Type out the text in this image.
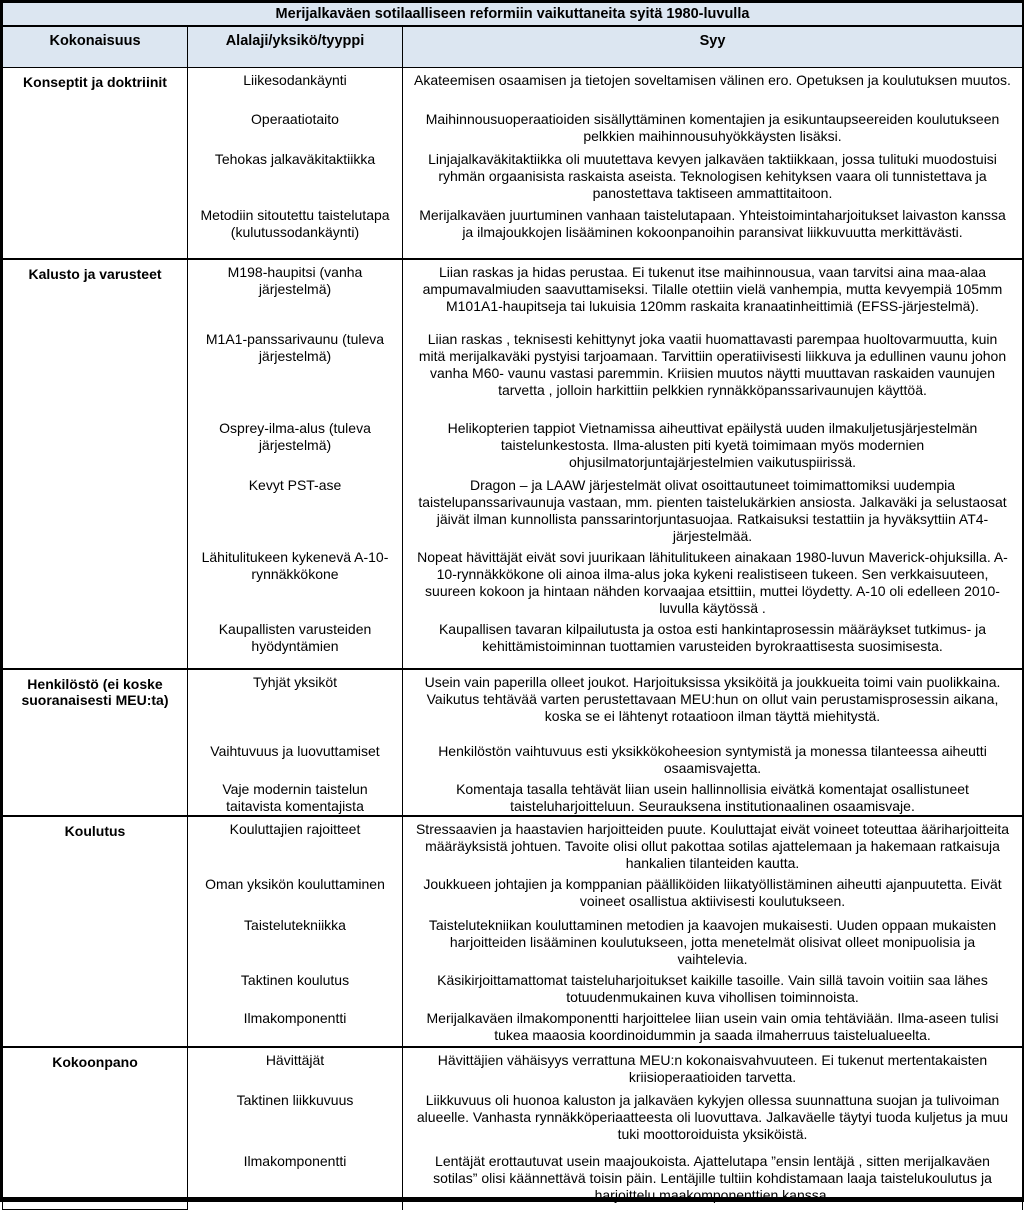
Merijalkaväen sotilaalliseen reformiin vaikuttaneita syitä 1980-luvulla		
Kokonaisuus	Alalaji/yksikö/tyyppi	Syy
Konseptit ja doktriinit	Liikesodankäynti	Akateemisen osaamisen ja tietojen soveltamisen välinen ero. Opetuksen ja koulutuksen muutos.
	Operaatiotaito	Maihinnousuoperaatioiden sisällyttäminen komentajien ja esikuntaupseereiden koulutukseen pelkkien maihinnousuhyökkäysten lisäksi.
	Tehokas jalkaväkitaktiikka	Linjajalkaväkitaktiikka oli muutettava kevyen jalkaväen taktiikkaan, jossa tulituki muodostuisi ryhmän orgaanisista raskaista aseista. Teknologisen kehityksen vaara oli tunnistettava ja panostettava taktiseen ammattitaitoon.
	Metodiin sitoutettu taistelutapa (kulutussodankäynti)	Merijalkaväen juurtuminen vanhaan taistelutapaan. Yhteistoimintaharjoitukset laivaston kanssa ja ilmajoukkojen lisääminen kokoonpanoihin paransivat liikkuvuutta merkittävästi.
Kalusto ja varusteet	M198-haupitsi (vanha järjestelmä)	Liian raskas ja hidas perustaa. Ei tukenut itse maihinnousua, vaan tarvitsi aina maa-alaa ampumavalmiuden saavuttamiseksi. Tilalle otettiin vielä vanhempia, mutta kevyempiä 105mm M101A1-haupitseja tai lukuisia 120mm raskaita kranaatinheittimiä (EFSS-järjestelmä).
	M1A1-panssarivaunu (tuleva järjestelmä)	Liian raskas , teknisesti kehittynyt joka vaatii huomattavasti parempaa huoltovarmuutta, kuin mitä merijalkaväki pystyisi tarjoamaan. Tarvittiin operatiivisesti liikkuva ja edullinen vaunu johon vanha M60- vaunu vastasi paremmin. Kriisien muutos näytti muuttavan raskaiden vaunujen tarvetta , jolloin harkittiin pelkkien rynnäkköpanssarivaunujen käyttöä.
	Osprey-ilma-alus (tuleva järjestelmä)	Helikopterien tappiot Vietnamissa aiheuttivat epäilystä uuden ilmakuljetusjärjestelmän taistelunkestosta. Ilma-alusten piti kyetä toimimaan myös modernien ohjusilmatorjuntajärjestelmien vaikutuspiirissä.
	Kevyt PST-ase	Dragon – ja LAAW järjestelmät olivat osoittautuneet toimimattomiksi uudempia taistelupanssarivaunuja vastaan, mm. pienten taistelukärkien ansiosta. Jalkaväki ja selustaosat jäivät ilman kunnollista panssarintorjuntasuojaa. Ratkaisuksi testattiin ja hyväksyttiin AT4-järjestelmää.
	Lähitulitukeen kykenevä A-10-rynnäkkökone	Nopeat hävittäjät eivät sovi juurikaan lähitulitukeen ainakaan 1980-luvun Maverick-ohjuksilla. A-10-rynnäkkökone oli ainoa ilma-alus joka kykeni realistiseen tukeen. Sen verkkaisuuteen, suureen kokoon ja hintaan nähden korvaajaa etsittiin, muttei löydetty. A-10 oli edelleen 2010-luvulla käytössä .
	Kaupallisten varusteiden hyödyntämien	Kaupallisen tavaran kilpailutusta ja ostoa esti hankintaprosessin määräykset tutkimus- ja kehittämistoiminnan tuottamien varusteiden byrokraattisesta suosimisesta.
Henkilöstö (ei koske suoranaisesti MEU:ta)	Tyhjät yksiköt	Usein vain paperilla olleet joukot. Harjoituksissa yksiköitä ja joukkueita toimi vain puolikkaina. Vaikutus tehtävää varten perustettavaan MEU:hun on ollut vain perustamisprosessin aikana, koska se ei lähtenyt rotaatioon ilman täyttä miehitystä.
	Vaihtuvuus ja luovuttamiset	Henkilöstön vaihtuvuus esti yksikkökoheesion syntymistä ja monessa tilanteessa aiheutti osaamisvajetta.
	Vaje modernin taistelun taitavista komentajista	Komentaja tasalla tehtävät liian usein hallinnollisia eivätkä komentajat osallistuneet taisteluharjoitteluun. Seurauksena institutionaalinen osaamisvaje.
Koulutus	Kouluttajien rajoitteet	Stressaavien ja haastavien harjoitteiden puute. Kouluttajat eivät voineet toteuttaa ääriharjoitteita määräyksistä johtuen. Tavoite olisi ollut pakottaa sotilas ajattelemaan ja hakemaan ratkaisuja hankalien tilanteiden kautta.
	Oman yksikön kouluttaminen	Joukkueen johtajien ja komppanian päälliköiden liikatyöllistäminen aiheutti ajanpuutetta. Eivät voineet osallistua aktiivisesti koulutukseen.
	Taistelutekniikka	Taistelutekniikan kouluttaminen metodien ja kaavojen mukaisesti. Uuden oppaan mukaisten harjoitteiden lisääminen koulutukseen, jotta menetelmät olisivat olleet monipuolisia ja vaihtelevia.
	Taktinen koulutus	Käsikirjoittamattomat taisteluharjoitukset kaikille tasoille. Vain sillä tavoin voitiin saa lähes totuudenmukainen kuva vihollisen toiminnoista.
	Ilmakomponentti	Merijalkaväen ilmakomponentti harjoittelee liian usein vain omia tehtäviään. Ilma-aseen tulisi tukea maaosia koordinoidummin ja saada ilmaherruus taistelualueelta.
Kokoonpano	Hävittäjät	Hävittäjien vähäisyys verrattuna MEU:n kokonaisvahvuuteen. Ei tukenut mertentakaisten kriisioperaatioiden tarvetta.
	Taktinen liikkuvuus	Liikkuvuus oli huonoa kaluston ja jalkaväen kykyjen ollessa suunnattuna suojan ja tulivoiman alueelle. Vanhasta rynnäkköperiaatteesta oli luovuttava. Jalkaväelle täytyi tuoda kuljetus ja muu tuki moottoroiduista yksiköistä.
	Ilmakomponentti	Lentäjät erottautuvat usein maajoukoista. Ajattelutapa ”ensin lentäjä , sitten merijalkaväen sotilas” olisi käännettävä toisin päin. Lentäjille tultiin kohdistamaan laaja taistelukoulutus ja harjoittelu maakomponenttien kanssa.
